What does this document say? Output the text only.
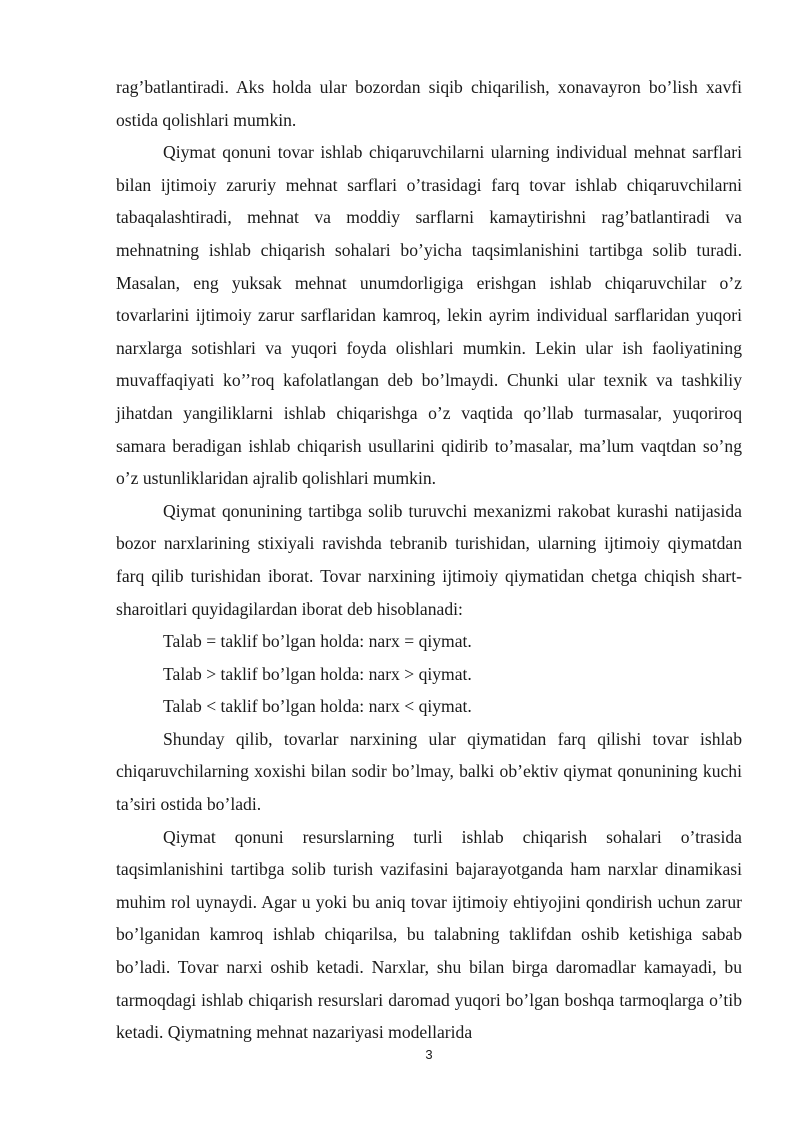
rag’batlantiradi. Aks holda ular bozordan siqib chiqarilish, xonavayron bo’lish xavfi ostida qolishlari mumkin.

Qiymat qonuni tovar ishlab chiqaruvchilarni ularning individual mehnat sarflari bilan ijtimoiy zaruriy mehnat sarflari o’trasidagi farq tovar ishlab chiqaruvchilarni tabaqalashtiradi, mehnat va moddiy sarflarni kamaytirishni rag’batlantiradi va mehnatning ishlab chiqarish sohalari bo’yicha taqsimlanishini tartibga solib turadi. Masalan, eng yuksak mehnat unumdorligiga erishgan ishlab chiqaruvchilar o’z tovarlarini ijtimoiy zarur sarflaridan kamroq, lekin ayrim individual sarflaridan yuqori narxlarga sotishlari va yuqori foyda olishlari mumkin. Lekin ular ish faoliyatining muvaffaqiyati ko’’roq kafolatlangan deb bo’lmaydi. Chunki ular texnik va tashkiliy jihatdan yangiliklarni ishlab chiqarishga o’z vaqtida qo’llab turmasalar, yuqoriroq samara beradigan ishlab chiqarish usullarini qidirib to’masalar, ma’lum vaqtdan so’ng o’z ustunliklaridan ajralib qolishlari mumkin.

Qiymat qonunining tartibga solib turuvchi mexanizmi rakobat kurashi natijasida bozor narxlarining stixiyali ravishda tebranib turishidan, ularning ijtimoiy qiymatdan farq qilib turishidan iborat. Tovar narxining ijtimoiy qiymatidan chetga chiqish shart-sharoitlari quyidagilardan iborat deb hisoblanadi:

Talab = taklif bo’lgan holda: narx = qiymat.

Talab > taklif bo’lgan holda: narx > qiymat.

Talab < taklif bo’lgan holda: narx < qiymat.

Shunday qilib, tovarlar narxining ular qiymatidan farq qilishi tovar ishlab chiqaruvchilarning xoxishi bilan sodir bo’lmay, balki ob’ektiv qiymat qonunining kuchi ta’siri ostida bo’ladi.

Qiymat qonuni resurslarning turli ishlab chiqarish sohalari o’trasida taqsimlanishini tartibga solib turish vazifasini bajarayotganda ham narxlar dinamikasi muhim rol uynaydi. Agar u yoki bu aniq tovar ijtimoiy ehtiyojini qondirish uchun zarur bo’lganidan kamroq ishlab chiqarilsa, bu talabning taklifdan oshib ketishiga sabab bo’ladi. Tovar narxi oshib ketadi. Narxlar, shu bilan birga daromadlar kamayadi, bu tarmoqdagi ishlab chiqarish resurslari daromad yuqori bo’lgan boshqa tarmoqlarga o’tib ketadi. Qiymatning mehnat nazariyasi modellarida

3
